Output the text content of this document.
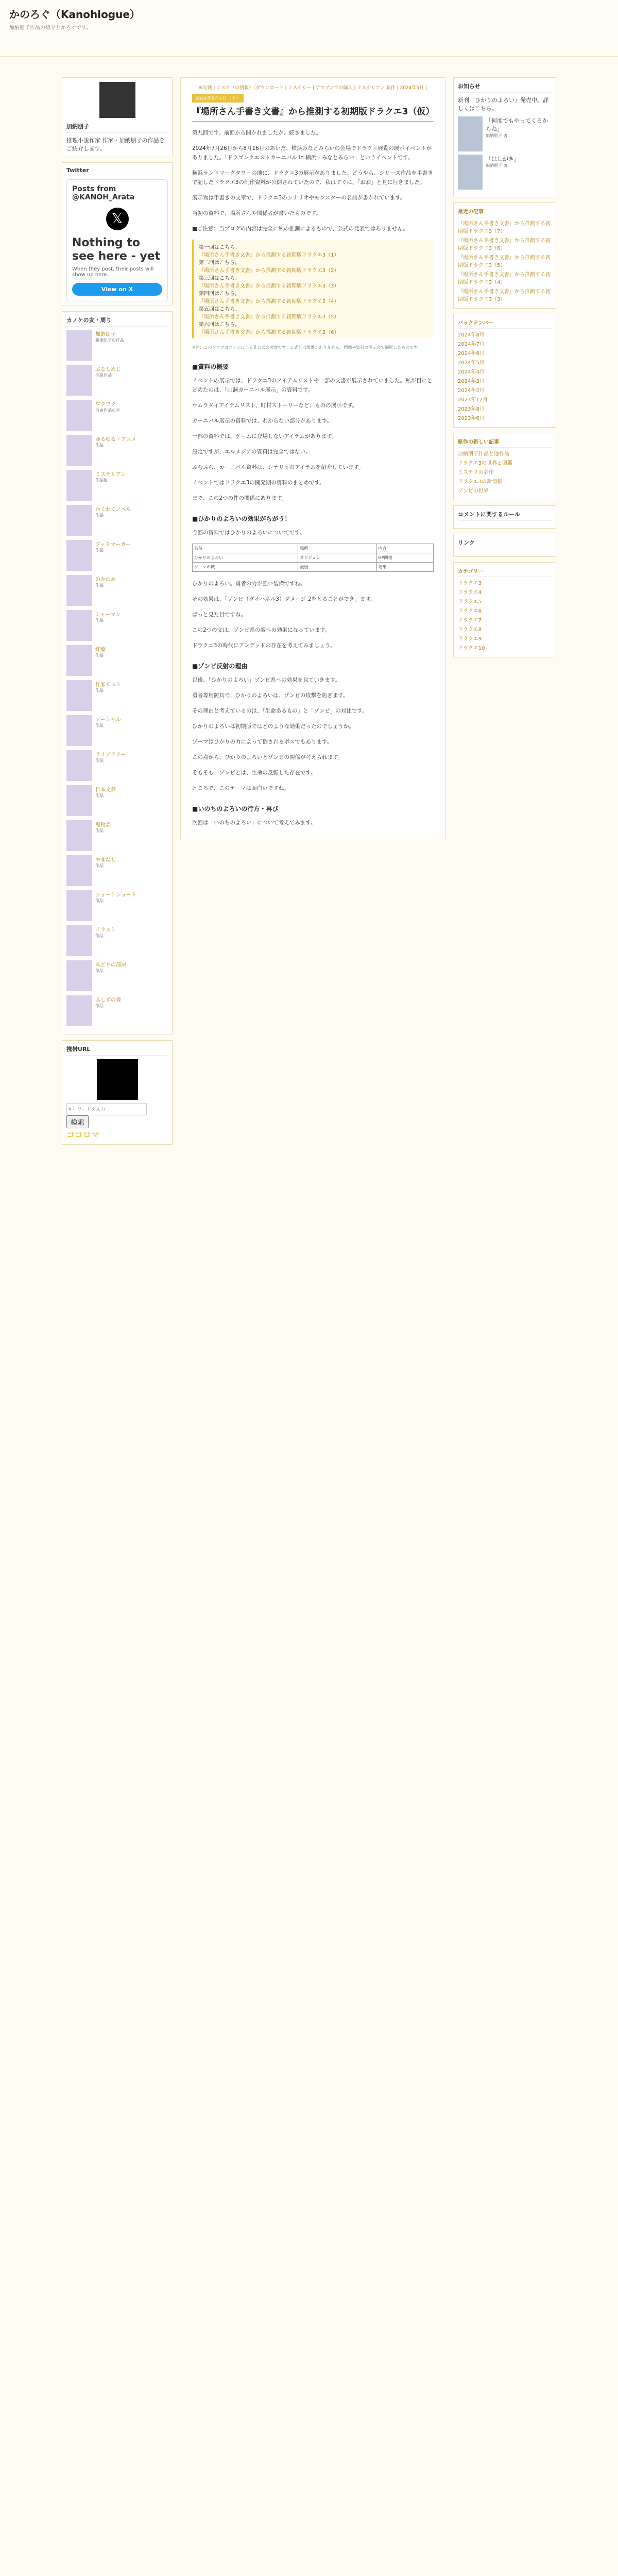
かのろぐ（Kanohlogue）
加納朋子作品の紹介とかろぐです。
加納朋子
推理小説作家 作家・加納朋子の作品をご紹介します。
Twitter
Posts from @KANOH_Arata
𝕏
Nothing to see here - yet
When they post, their posts will show up here.
View on X
カノケの友・周り
加納朋子
新津紀子の作品
ぶなしめじ
小説作品
ワクワク
自由作品の宇
ゆるゆる・アニメ
作品
ミステリアン
作品集
わくわくノベル
作品
ブックマーカー
作品
のかのか
作品
シャーマン
作品
紅葉
作品
作家リスト
作品
ソーシャル
作品
ライブラリー
作品
日本文芸
作品
鬼物語
作品
やまなし
作品
ショートショート
作品
イラスト
作品
みどりの部屋
作品
ふしぎの森
作品
携帯URL
キーワードを入力 検索
ココロマ
※記載 | ミステリの情報〉〈ダウンロード | ミステリー | アマゾンでの購入 | ミステリアン 新作 | 2024年5月 |
2024年5月4日（土）
『場所さん手書き文書』から推測する初期版ドラクエ3（仮）

第九回です。前回から開かれましたが、続きました。

2024年7月26日から8月16日のあいだ、横浜みなとみらいの会場でドラクエ展覧の展示イベントがありました。「ドラゴンクエストカーニバル in 横浜・みなとみらい」というイベントです。

横浜ランドマークタワーの地に、ドラクエ3の展示がありました。どうやら、シリーズ作品を手書きで記したドラクエ3の制作資料が公開されていたので、私はすぐに、「おお」と見に行きました。

展示物は手書きの文章で、ドラクエ3のシナリオやモンスターの名前が書かれています。

当初の資料で、場所さんや関係者が書いたものです。

■ご注意：当ブログの内容は完全に私の推測によるもので、公式の発表ではありません。

第一回はこちら。
『場所さん手書き文書』から推測する初期版ドラクエ3（1）
第二回はこちら。
『場所さん手書き文書』から推測する初期版ドラクエ3（2）
第三回はこちら。
『場所さん手書き文書』から推測する初期版ドラクエ3（3）
第四回はこちら。
『場所さん手書き文書』から推測する初期版ドラクエ3（4）
第五回はこちら。
『場所さん手書き文書』から推測する初期版ドラクエ3（5）
第六回はこちら。
『場所さん手書き文書』から推測する初期版ドラクエ3（6）
※注：このブログはファンによる非公式の考察です。公式とは関係がありません。画像や資料は展示会で撮影したものです。
■資料の概要

イベントの展示では、ドラクエ3のアイテムリストや一部の文書が展示されていました。私が目にとどめたのは、「山洞カーニバル展示」の資料です。

ウムラダイアイテムリスト、町村ストーリーなど、ものの展示です。

カーニバル展示の資料では、わからない部分があります。

一部の資料では、ゲームに登場しないアイテムがあります。

設定ですが、エルメジアの資料は完全ではない。

ふむふむ、カーニバル資料は、シナリオのアイテムを紹介しています。

イベントではドラクエ3の開発期の資料のまとめです。

まで、この2つの件の関係にあります。

■ひかりのよろいの効果がちがう！

今回の資料ではひかりのよろいについてです。

名前	場所	内容
ひかりのよろい	ダンジョン	HP回復
ゾーマの城	最後	効果

ひかりのよろい。勇者の力が強い装備ですね。

その効果は、「ゾンビ（ダイハネル3）ダメージ 2をとることができ」ます。

ばっと見た目ですね。

この2つの文は、ゾンビ系の敵への効果になっています。

ドラクエ3の時代にアンデッドの存在を考えてみましょう。

■ゾンビ反射の理由

以後、「ひかりのよろい」ゾンビ系への効果を見ていきます。

勇者専用防具で、ひかりのよろいは、ゾンビの攻撃を防ぎます。

その理由と考えているのは、「生命あるもの」と「ゾンビ」の対比です。

ひかりのよろいは初期版ではどのような効果だったのでしょうか。

ゾーマはひかりの力によって倒されるボスでもあります。

この点から、ひかりのよろいとゾンビの関係が考えられます。

そもそも、ゾンビとは、生命の反転した存在です。

ところで、このテーマは面白いですね。

■いのちのよろいの行方・再び

次回は「いのちのよろい」について考えてみます。

お知らせ
新刊「ひかりのよろい」発売中。詳しくはこちら。
「何度でもやってくるからね」
加納朋子 著
「はしがき」
加納朋子 著
最近の記事
『場所さん手書き文書』から推測する初期版ドラクエ3（7）
『場所さん手書き文書』から推測する初期版ドラクエ3（6）
『場所さん手書き文書』から推測する初期版ドラクエ3（5）
『場所さん手書き文書』から推測する初期版ドラクエ3（4）
『場所さん手書き文書』から推測する初期版ドラクエ3（3）
バックナンバー
2024年8月
2024年7月
2024年6月
2024年5月
2024年4月
2024年3月
2024年2月
2023年12月
2023年8月
2023年6月
原作の新しい記事
加納朋子作品と他作品
ドラクエ3の世界と図鑑
ミステリの名作
ドラクエ3の新情報
ゾンビの世界
コメントに関するルール
リンク
カテゴリー
ドラクエ3
ドラクエ4
ドラクエ5
ドラクエ6
ドラクエ7
ドラクエ8
ドラクエ9
ドラクエ10
